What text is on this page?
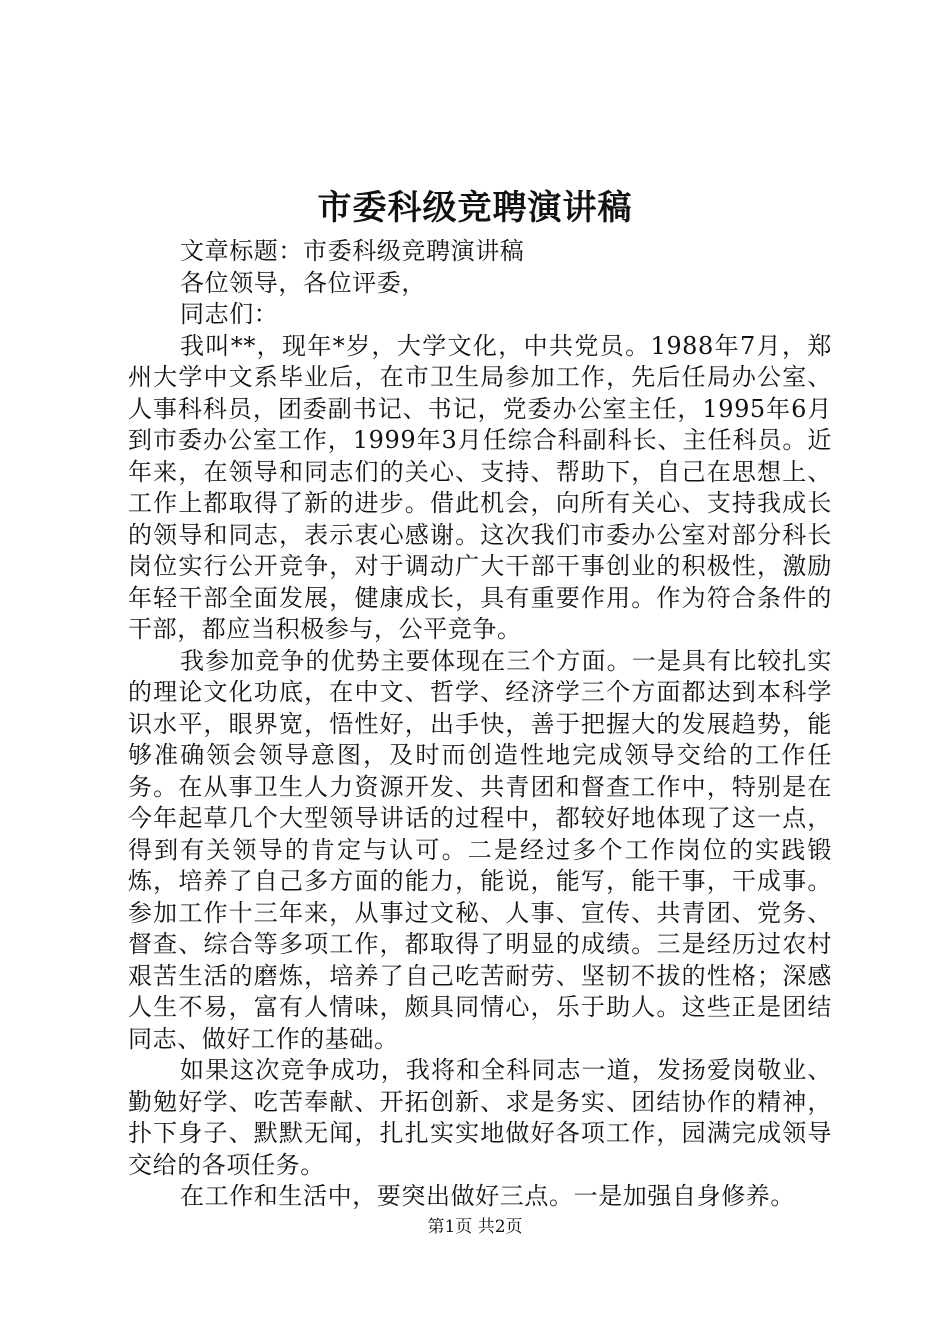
市委科级竞聘演讲稿

文章标题：市委科级竞聘演讲稿

各位领导，各位评委，

同志们：

我叫**，现年*岁，大学文化，中共党员。1988年7月，郑州大学中文系毕业后，在市卫生局参加工作，先后任局办公室、人事科科员，团委副书记、书记，党委办公室主任，1995年6月到市委办公室工作，1999年3月任综合科副科长、主任科员。近年来，在领导和同志们的关心、支持、帮助下，自己在思想上、工作上都取得了新的进步。借此机会，向所有关心、支持我成长的领导和同志，表示衷心感谢。这次我们市委办公室对部分科长岗位实行公开竞争，对于调动广大干部干事创业的积极性，激励年轻干部全面发展，健康成长，具有重要作用。作为符合条件的干部，都应当积极参与，公平竞争。

我参加竞争的优势主要体现在三个方面。一是具有比较扎实的理论文化功底，在中文、哲学、经济学三个方面都达到本科学识水平，眼界宽，悟性好，出手快，善于把握大的发展趋势，能够准确领会领导意图，及时而创造性地完成领导交给的工作任务。在从事卫生人力资源开发、共青团和督查工作中，特别是在今年起草几个大型领导讲话的过程中，都较好地体现了这一点，得到有关领导的肯定与认可。二是经过多个工作岗位的实践锻炼，培养了自己多方面的能力，能说，能写，能干事，干成事。参加工作十三年来，从事过文秘、人事、宣传、共青团、党务、督查、综合等多项工作，都取得了明显的成绩。三是经历过农村艰苦生活的磨炼，培养了自己吃苦耐劳、坚韧不拔的性格；深感人生不易，富有人情味，颇具同情心，乐于助人。这些正是团结同志、做好工作的基础。

如果这次竞争成功，我将和全科同志一道，发扬爱岗敬业、勤勉好学、吃苦奉献、开拓创新、求是务实、团结协作的精神，扑下身子、默默无闻，扎扎实实地做好各项工作，园满完成领导交给的各项任务。

在工作和生活中，要突出做好三点。一是加强自身修养。

第1页 共2页
